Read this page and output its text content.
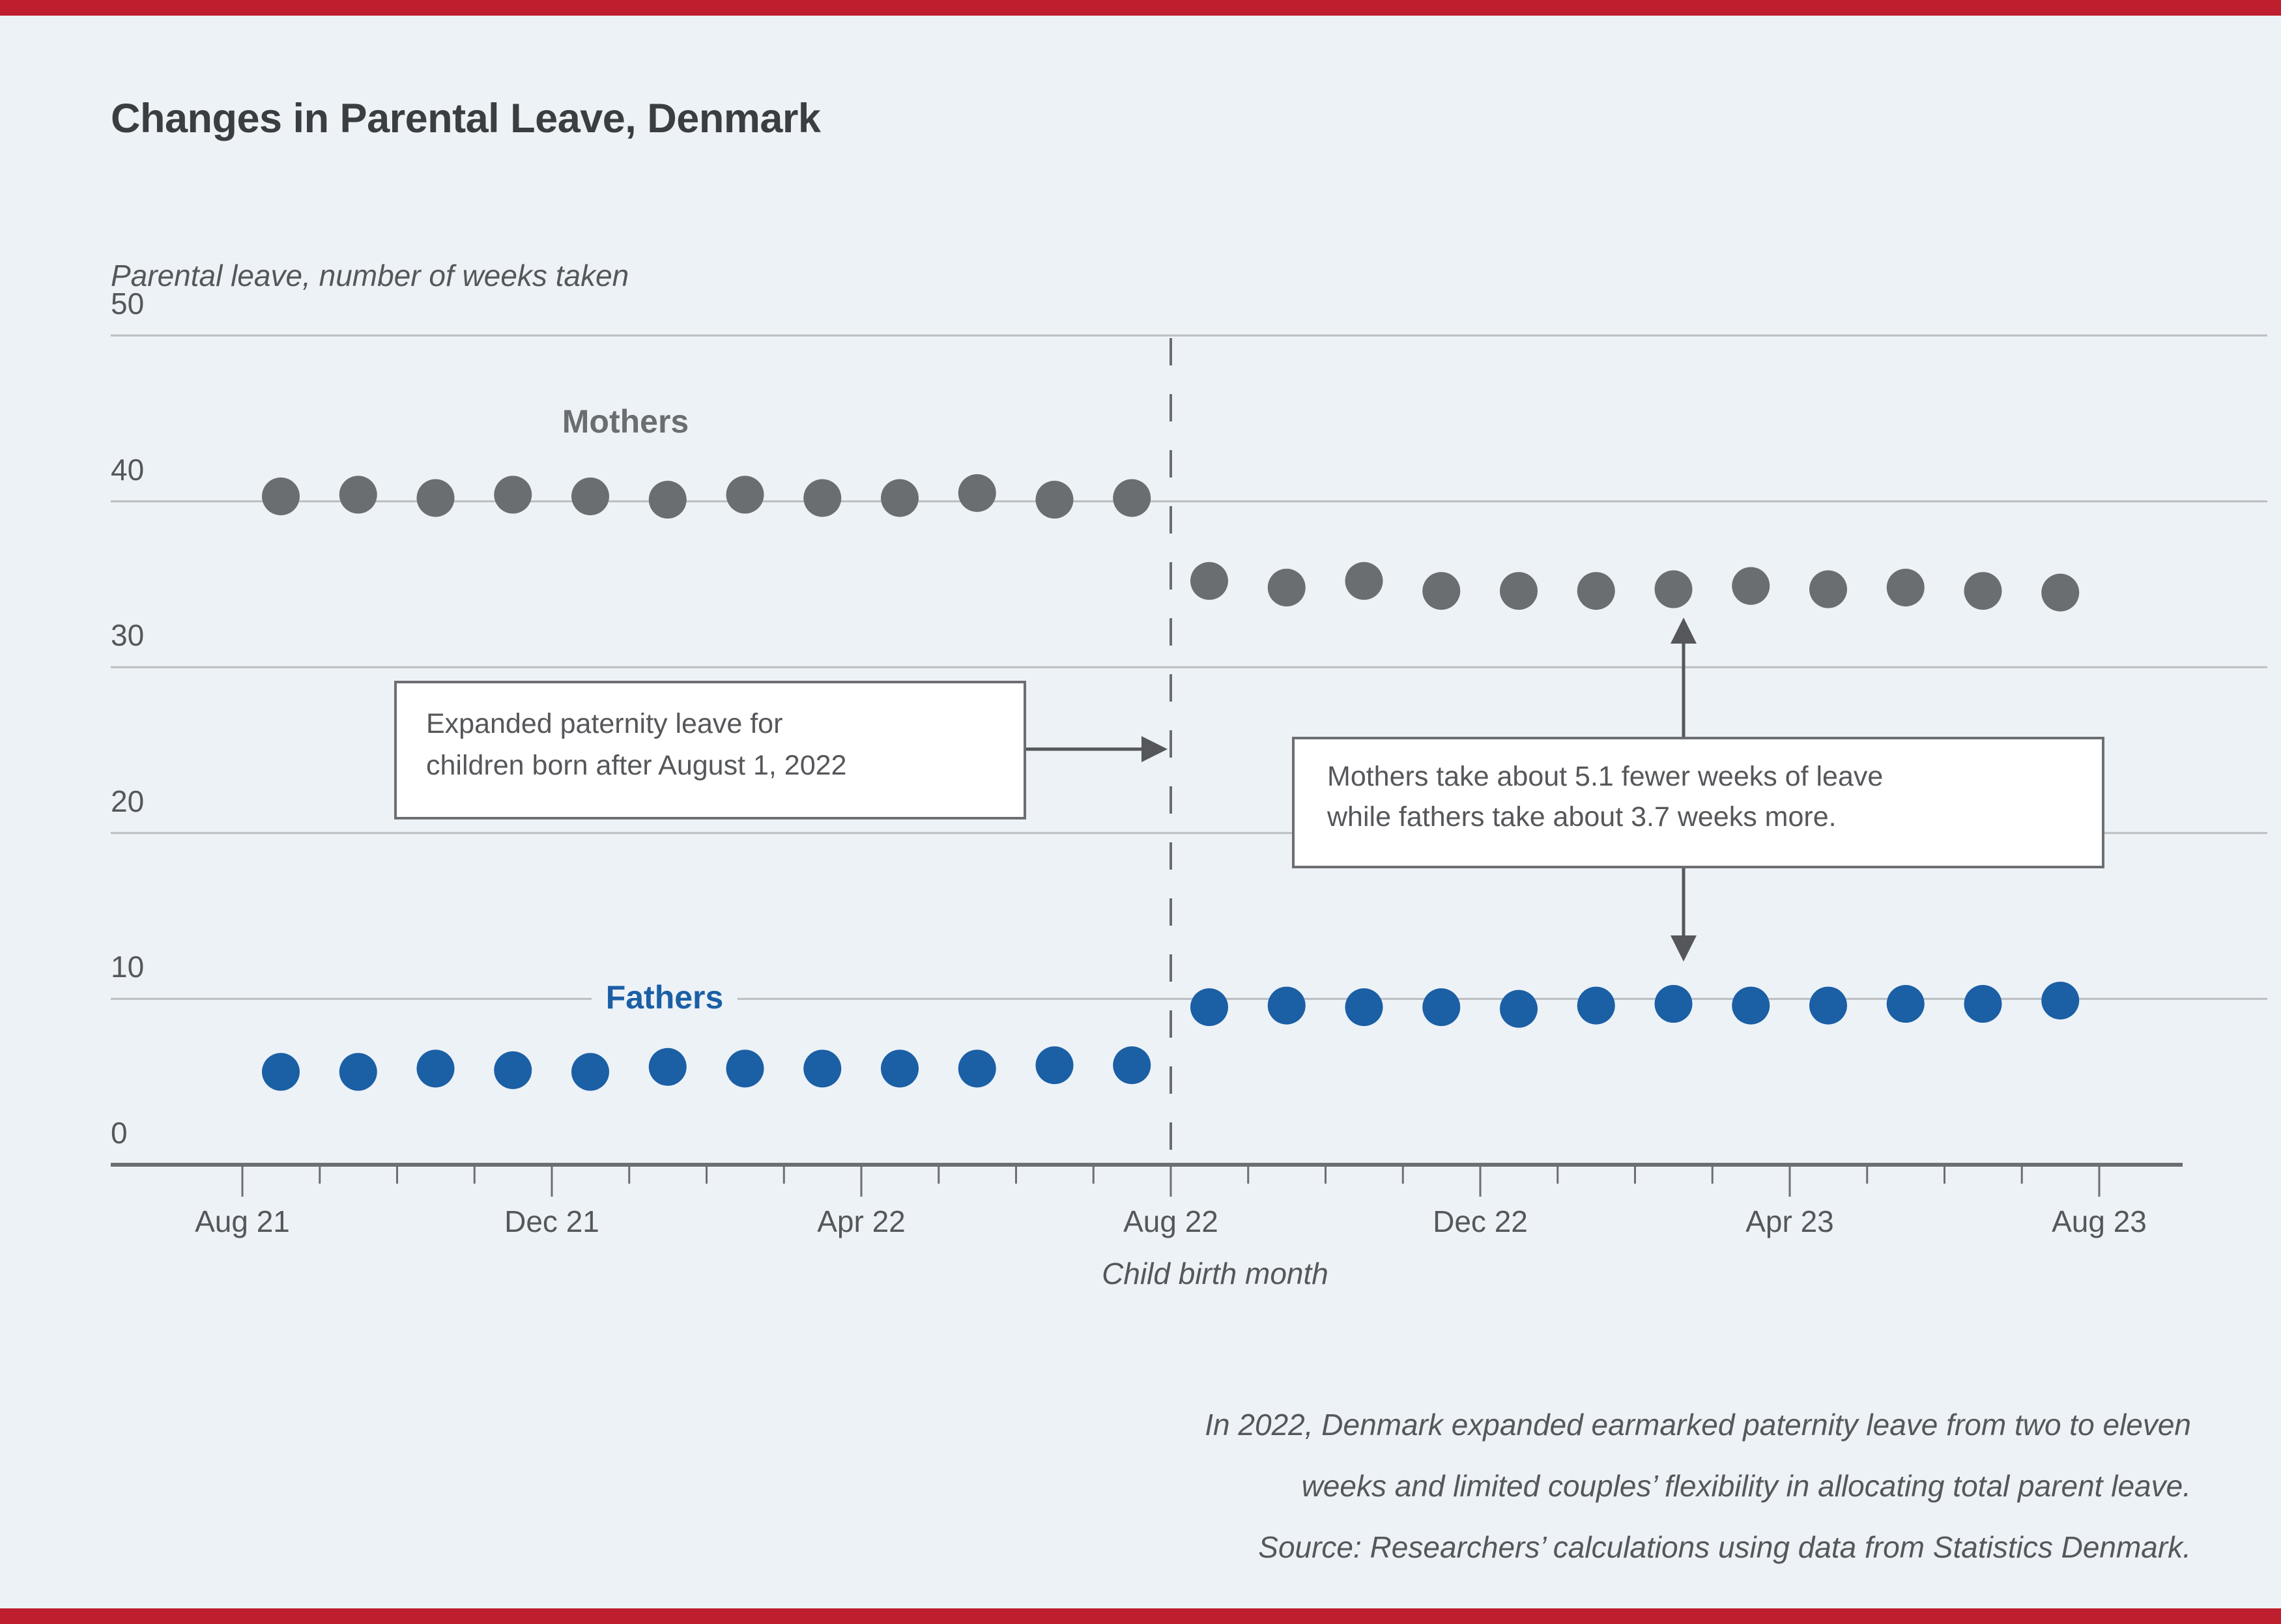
Changes in Parental Leave, Denmark
Parental leave, number of weeks taken
0
10
20
30
40
50
Aug 21	Dec 21	Apr 22	Aug 22	Dec 22	Apr 23	Aug 23
Child birth month
Mothers
Fathers
Expanded paternity leave for
children born after August 1, 2022	Mothers take about 5.1 fewer weeks of leave
while fathers take about 3.7 weeks more.
In 2022, Denmark expanded earmarked paternity leave from two to eleven
weeks and limited couples’ flexibility in allocating total parent leave.
Source: Researchers’ calculations using data from Statistics Denmark.
